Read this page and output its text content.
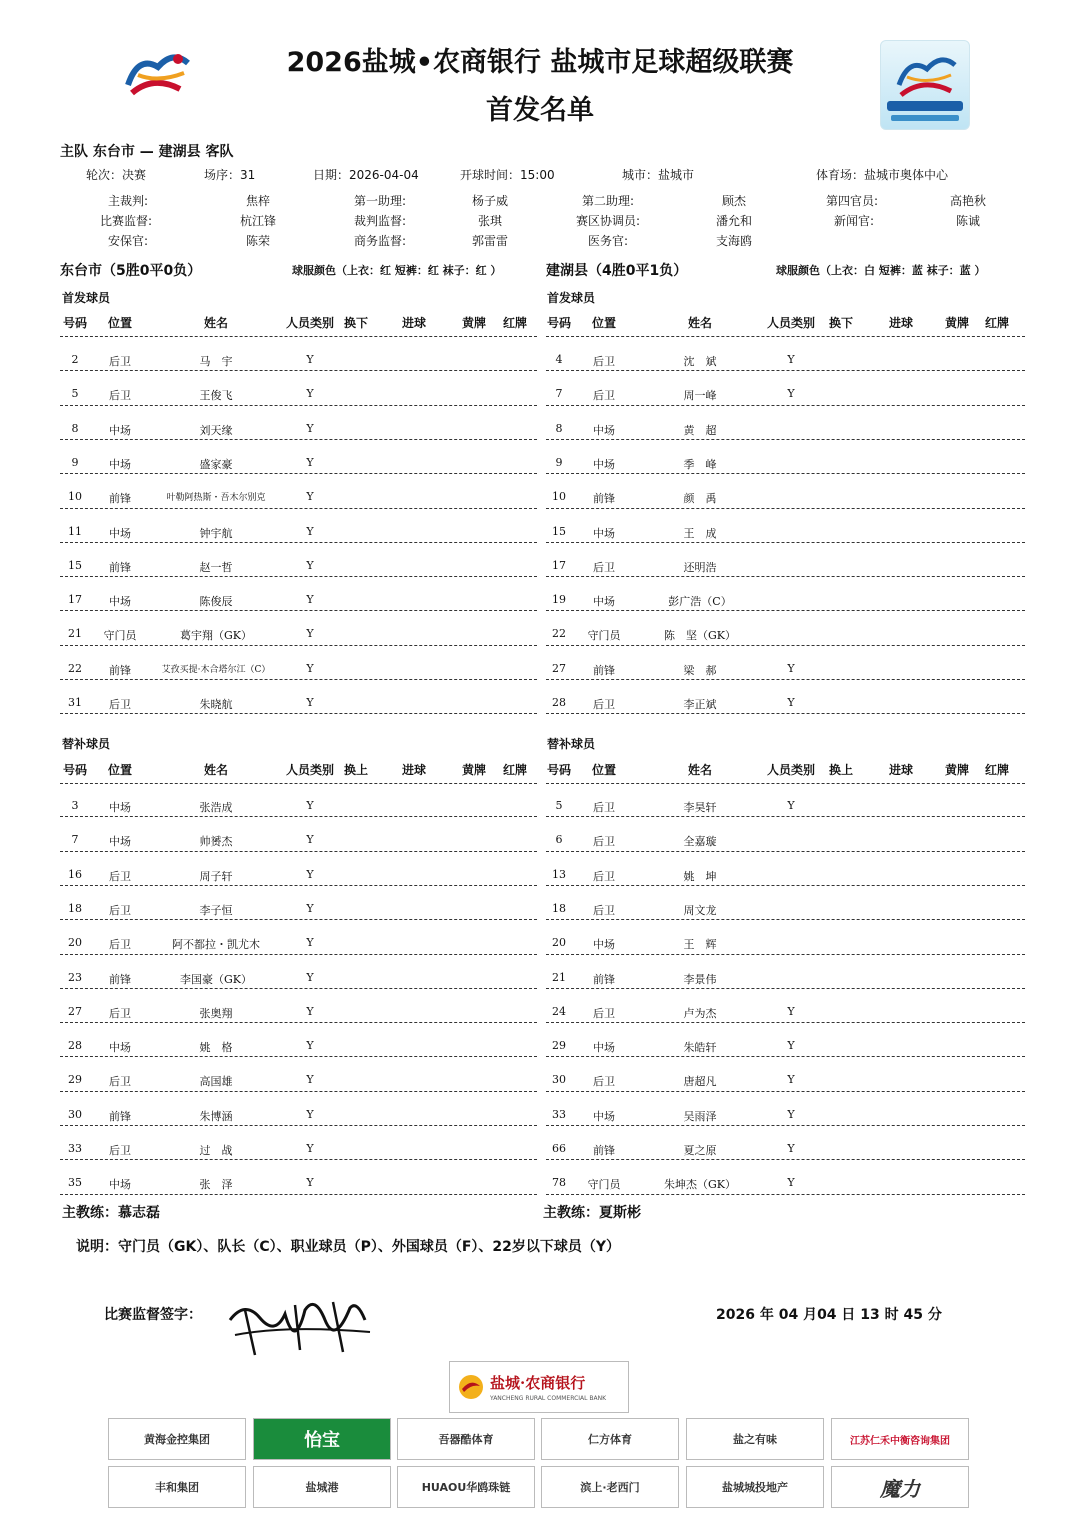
2026盐城•农商银行 盐城市足球超级联赛
首发名单
主队 东台市 — 建湖县 客队
轮次：决赛	场序：31	日期：2026-04-04	开球时间：15:00	城市：盐城市	体育场：盐城市奥体中心
主裁判:	焦梓	第一助理:	杨子威	第二助理:	顾杰	第四官员:	高艳秋
比赛监督:	杭江锋	裁判监督:	张琪	赛区协调员:	潘允和	新闻官:	陈诚
安保官:	陈荣	商务监督:	郭雷雷	医务官:	支海鸥
东台市（5胜0平0负）	球服颜色（上衣：红 短裤：红 袜子：红 ）	建湖县（4胜0平1负）	球服颜色（上衣：白 短裤：蓝 袜子：蓝 ）
首发球员	首发球员
替补球员	替补球员
号码	位置	姓名	人员类别 换下	进球	黄牌	红牌
2	后卫	马　宇	Y
5	后卫	王俊飞	Y
8	中场	刘天缘	Y
9	中场	盛家豪	Y
10	前锋	叶勒阿热斯・吾木尔别克	Y
11	中场	钟宇航	Y
15	前锋	赵一哲	Y
17	中场	陈俊辰	Y
21	守门员	葛宇翔（GK）	Y
22	前锋	艾孜买提·木合塔尔江（C）	Y
31	后卫	朱晓航	Y
号码	位置	姓名	人员类别	换下	进球	黄牌	红牌
4	后卫	沈　斌	Y
7	后卫	周一峰	Y
8	中场	黄　超
9	中场	季　峰
10	前锋	颜　禹
15	中场	王　成
17	后卫	还明浩
19	中场	彭广浩（C）
22	守门员	陈　坚（GK）
27	前锋	梁　郝	Y
28	后卫	李正斌	Y
号码	位置	姓名	人员类别 换上	进球	黄牌	红牌
3	中场	张浩成	Y
7	中场	帅赟杰	Y
16	后卫	周子轩	Y
18	后卫	李子恒	Y
20	后卫	阿不都拉・凯尤木	Y
23	前锋	李国豪（GK）	Y
27	后卫	张奥翔	Y
28	中场	姚　格	Y
29	后卫	高国雄	Y
30	前锋	朱博涵	Y
33	后卫	过　战	Y
35	中场	张　泽	Y
号码	位置	姓名	人员类别	换上	进球	黄牌	红牌
5	后卫	李昊轩	Y
6	后卫	全嘉璇
13	后卫	姚　坤
18	后卫	周文龙
20	中场	王　辉
21	前锋	李景伟
24	后卫	卢为杰	Y
29	中场	朱皓轩	Y
30	后卫	唐超凡	Y
33	中场	吴雨泽	Y
66	前锋	夏之原	Y
78	守门员	朱坤杰（GK）	Y
主教练：慕志磊	主教练：夏斯彬
说明：守门员（GK）、队长（C）、职业球员（P）、外国球员（F）、22岁以下球员（Y）
比赛监督签字：	2026 年 04 月04 日 13 时 45 分
盐城·农商银行
YANCHENG RURAL COMMERCIAL BANK
黄海金控集团	怡宝	吾器酷体育	仁方体育	盐之有味	江苏仁禾中衡咨询集团
丰和集团	盐城港	HUAOU华鸥珠链	滨上·老西门	盐城城投地产	魔力
